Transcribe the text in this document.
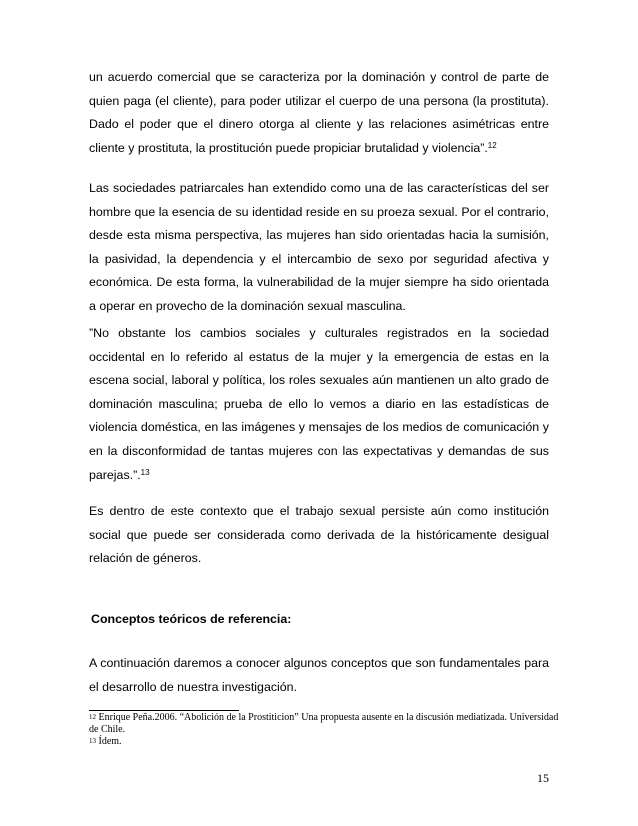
un acuerdo comercial que se caracteriza por la dominación y control de parte de quien paga (el cliente), para poder utilizar el cuerpo de una persona (la prostituta). Dado el poder que el dinero otorga al cliente y las relaciones asimétricas entre cliente y prostituta, la prostitución puede propiciar brutalidad y violencia”.$^{12}$

Las sociedades patriarcales han extendido como una de las características del ser hombre que la esencia de su identidad reside en su proeza sexual. Por el contrario, desde esta misma perspectiva, las mujeres han sido orientadas hacia la sumisión, la pasividad, la dependencia y el intercambio de sexo por seguridad afectiva y económica. De esta forma, la vulnerabilidad de la mujer siempre ha sido orientada a operar en provecho de la dominación sexual masculina.

”No obstante los cambios sociales y culturales registrados en la sociedad occidental en lo referido al estatus de la mujer y la emergencia de estas en la escena social, laboral y política, los roles sexuales aún mantienen un alto grado de dominación masculina; prueba de ello lo vemos a diario en las estadísticas de violencia doméstica, en las imágenes y mensajes de los medios de comunicación y en la disconformidad de tantas mujeres con las expectativas y demandas de sus parejas.”.$^{13}$

Es dentro de este contexto que el trabajo sexual persiste aún como institución social que puede ser considerada como derivada de la históricamente desigual relación de géneros.

Conceptos teóricos de referencia:

A continuación daremos a conocer algunos conceptos que son fundamentales para el desarrollo de nuestra investigación.

$^{12}$ Enrique Peña.2006. “Abolición de la Prostiticion” Una propuesta ausente en la discusión mediatizada. Universidad de Chile.

$^{13}$ Ídem.

15
